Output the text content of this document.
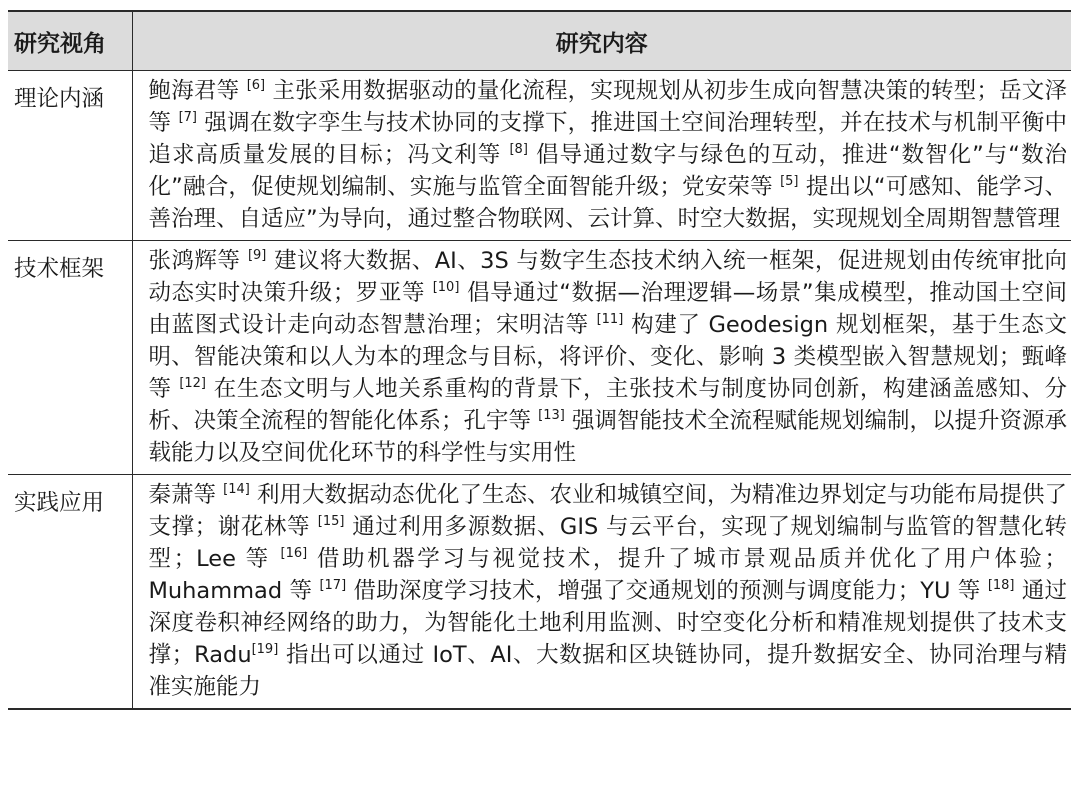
研究视角	研究内容
理论内涵	鲍海君等 [6] 主张采用数据驱动的量化流程，实现规划从初步生成向智慧决策的转型；岳文泽等 [7] 强调在数字孪生与技术协同的支撑下，推进国土空间治理转型，并在技术与机制平衡中追求高质量发展的目标；冯文利等 [8] 倡导通过数字与绿色的互动，推进“数智化”与“数治化”融合，促使规划编制、实施与监管全面智能升级；党安荣等 [5] 提出以“可感知、能学习、善治理、自适应”为导向，通过整合物联网、云计算、时空大数据，实现规划全周期智慧管理
技术框架	张鸿辉等 [9] 建议将大数据、AI、3S 与数字生态技术纳入统一框架，促进规划由传统审批向动态实时决策升级；罗亚等 [10] 倡导通过“数据—治理逻辑—场景”集成模型，推动国土空间由蓝图式设计走向动态智慧治理；宋明洁等 [11] 构建了 Geodesign 规划框架，基于生态文明、智能决策和以人为本的理念与目标，将评价、变化、影响 3 类模型嵌入智慧规划；甄峰等 [12] 在生态文明与人地关系重构的背景下，主张技术与制度协同创新，构建涵盖感知、分析、决策全流程的智能化体系；孔宇等 [13] 强调智能技术全流程赋能规划编制，以提升资源承载能力以及空间优化环节的科学性与实用性
实践应用	秦萧等 [14] 利用大数据动态优化了生态、农业和城镇空间，为精准边界划定与功能布局提供了支撑；谢花林等 [15] 通过利用多源数据、GIS 与云平台，实现了规划编制与监管的智慧化转型；Lee 等 [16] 借助机器学习与视觉技术，提升了城市景观品质并优化了用户体验；Muhammad 等 [17] 借助深度学习技术，增强了交通规划的预测与调度能力；YU 等 [18] 通过深度卷积神经网络的助力，为智能化土地利用监测、时空变化分析和精准规划提供了技术支撑；Radu[19] 指出可以通过 IoT、AI、大数据和区块链协同，提升数据安全、协同治理与精准实施能力
